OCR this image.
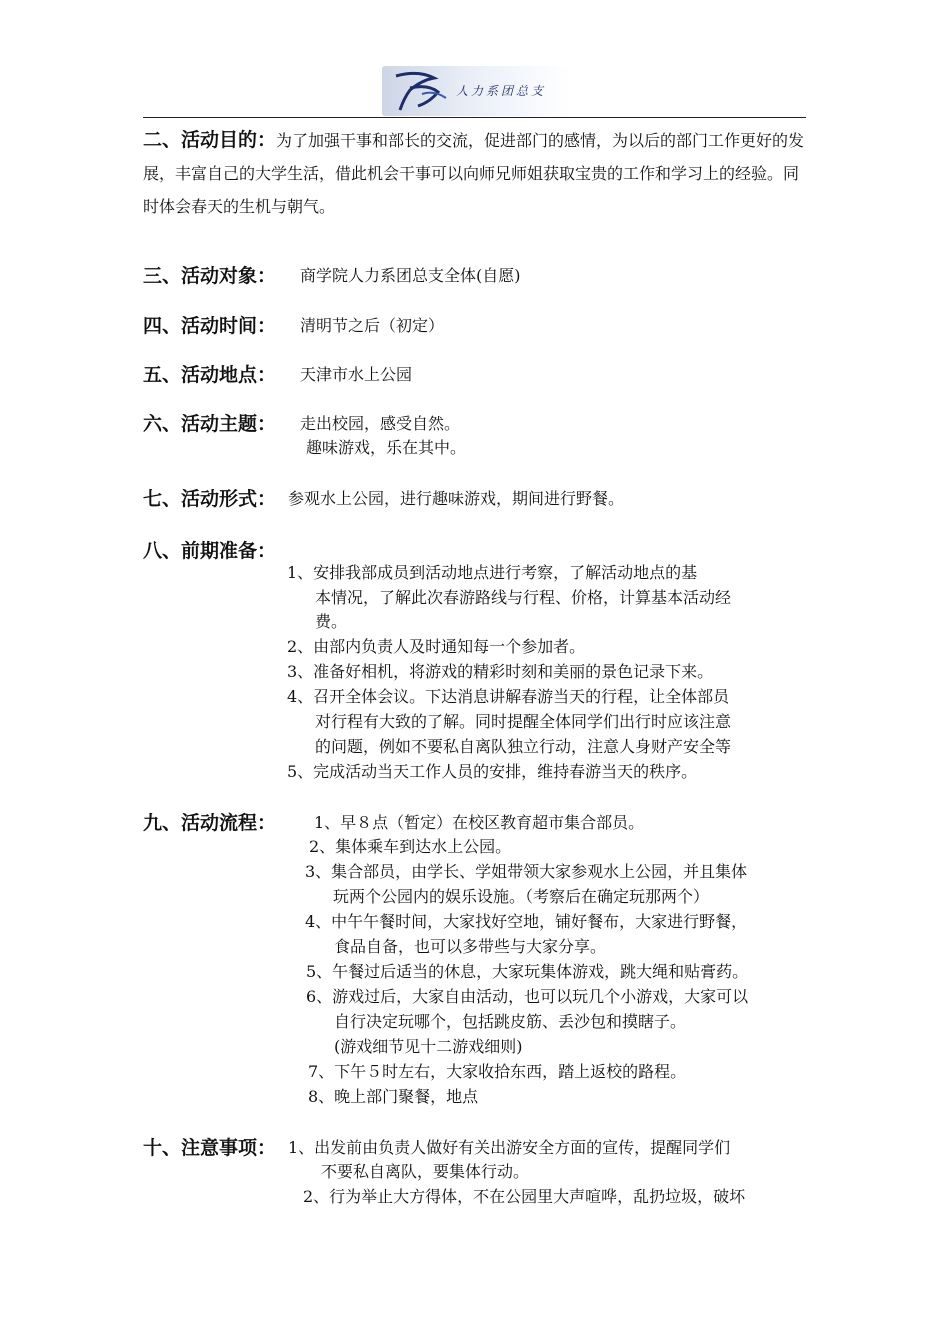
人力系团总支
二、活动目的：为了加强干事和部长的交流，促进部门的感情，为以后的部门工作更好的发展，丰富自己的大学生活，借此机会干事可以向师兄师姐获取宝贵的工作和学习上的经验。同时体会春天的生机与朝气。
三、活动对象： 商学院人力系团总支全体(自愿)
四、活动时间： 清明节之后（初定）
五、活动地点： 天津市水上公园
六、活动主题： 走出校园，感受自然。
趣味游戏，乐在其中。
七、活动形式： 参观水上公园，进行趣味游戏，期间进行野餐。
八、前期准备：
1、安排我部成员到活动地点进行考察，了解活动地点的基
本情况，了解此次春游路线与行程、价格，计算基本活动经
费。
2、由部内负责人及时通知每一个参加者。
3、准备好相机，将游戏的精彩时刻和美丽的景色记录下来。
4、召开全体会议。下达消息讲解春游当天的行程，让全体部员
对行程有大致的了解。同时提醒全体同学们出行时应该注意
的问题，例如不要私自离队独立行动，注意人身财产安全等
5、完成活动当天工作人员的安排，维持春游当天的秩序。
九、活动流程： 1、早８点（暂定）在校区教育超市集合部员。
2、集体乘车到达水上公园。
3、集合部员，由学长、学姐带领大家参观水上公园，并且集体
玩两个公园内的娱乐设施。（考察后在确定玩那两个）
4、中午午餐时间，大家找好空地，铺好餐布，大家进行野餐，
食品自备，也可以多带些与大家分享。
5、午餐过后适当的休息，大家玩集体游戏，跳大绳和贴膏药。
6、游戏过后，大家自由活动，也可以玩几个小游戏，大家可以
自行决定玩哪个，包括跳皮筋、丢沙包和摸瞎子。
(游戏细节见十二游戏细则)
7、下午５时左右，大家收拾东西，踏上返校的路程。
8、晚上部门聚餐，地点
十、注意事项： 1、出发前由负责人做好有关出游安全方面的宣传，提醒同学们
不要私自离队，要集体行动。
2、行为举止大方得体，不在公园里大声喧哗，乱扔垃圾，破坏
